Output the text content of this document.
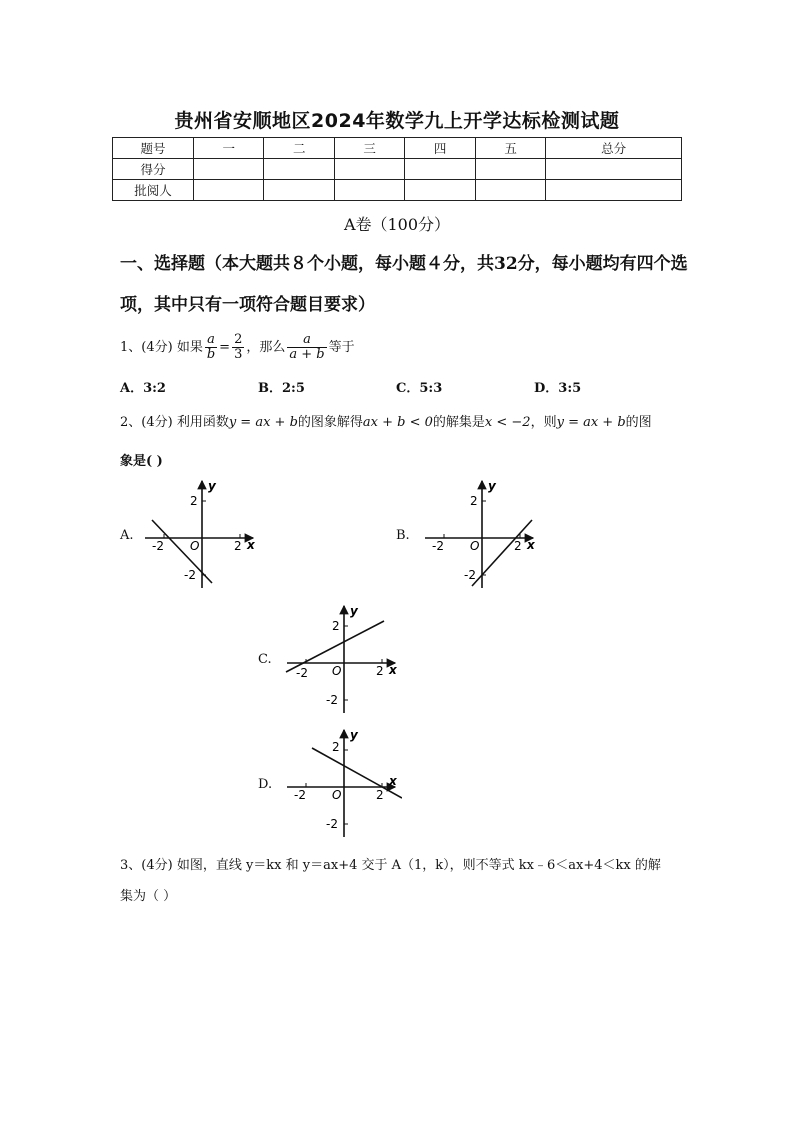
贵州省安顺地区2024年数学九上开学达标检测试题
题号	一	二	三	四	五	总分
得分						
批阅人						
A卷（100分）
一、选择题（本大题共８个小题，每小题４分，共32分，每小题均有四个选项，其中只有一项符合题目要求）
1、(4分) 如果 $\frac{a}{b} = \frac{2}{3}$ ，那么 $\frac{a}{a + b}$ 等于
A．3:2	B．2:5	C．5:3	D．3:5
2、(4分) 利用函数y = ax + b的图象解得ax + b < 0的解集是x < −2，则y = ax + b的图
象是( )
A.	B.
C.
D.
y
x
O
2
-2
-2	2
y
x
O
2
-2
-2	2
y
x
O
2
-2
-2	2
y
x
O
2
-2
-2	2
3、(4分) 如图，直线 y＝kx 和 y＝ax+4 交于 A（1，k），则不等式 kx﹣6＜ax+4＜kx 的解
集为（ ）
